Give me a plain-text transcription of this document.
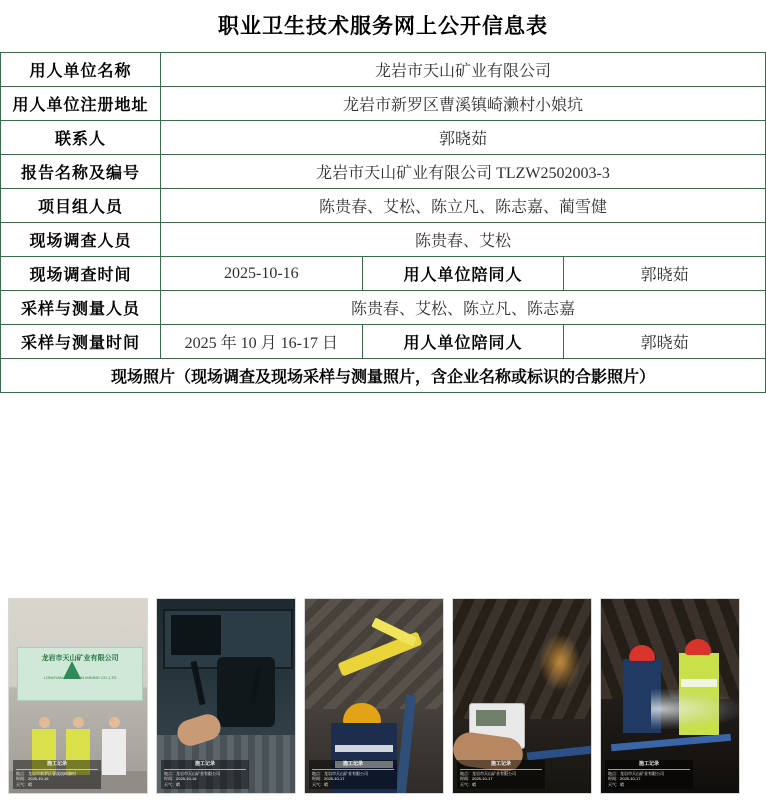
职业卫生技术服务网上公开信息表
用人单位名称	龙岩市天山矿业有限公司		
用人单位注册地址	龙岩市新罗区曹溪镇崎濑村小娘坑		
联系人	郭晓茹		
报告名称及编号	龙岩市天山矿业有限公司 TLZW2502003-3		
项目组人员	陈贵春、艾松、陈立凡、陈志嘉、蔺雪健		
现场调查人员	陈贵春、艾松		
现场调查时间	2025-10-16	用人单位陪同人	郭晓茹
采样与测量人员	陈贵春、艾松、陈立凡、陈志嘉		
采样与测量时间	2025 年 10 月 16-17 日	用人单位陪同人	郭晓茹
现场照片（现场调查及现场采样与测量照片，含企业名称或标识的合影照片）			
龙岩市天山矿业有限公司
LONGYAN TIANSHAN MINING CO.,LTD
施工记录
地点：龙岩市新罗区曹溪镇崎濑村
时间：2025-10-16
天气：晴
施工记录
地点：龙岩市天山矿业有限公司
时间：2025-10-16
天气：晴
施工记录
地点：龙岩市天山矿业有限公司
时间：2025-10-17
天气：晴
施工记录
地点：龙岩市天山矿业有限公司
时间：2025-10-17
天气：晴
施工记录
地点：龙岩市天山矿业有限公司
时间：2025-10-17
天气：晴
